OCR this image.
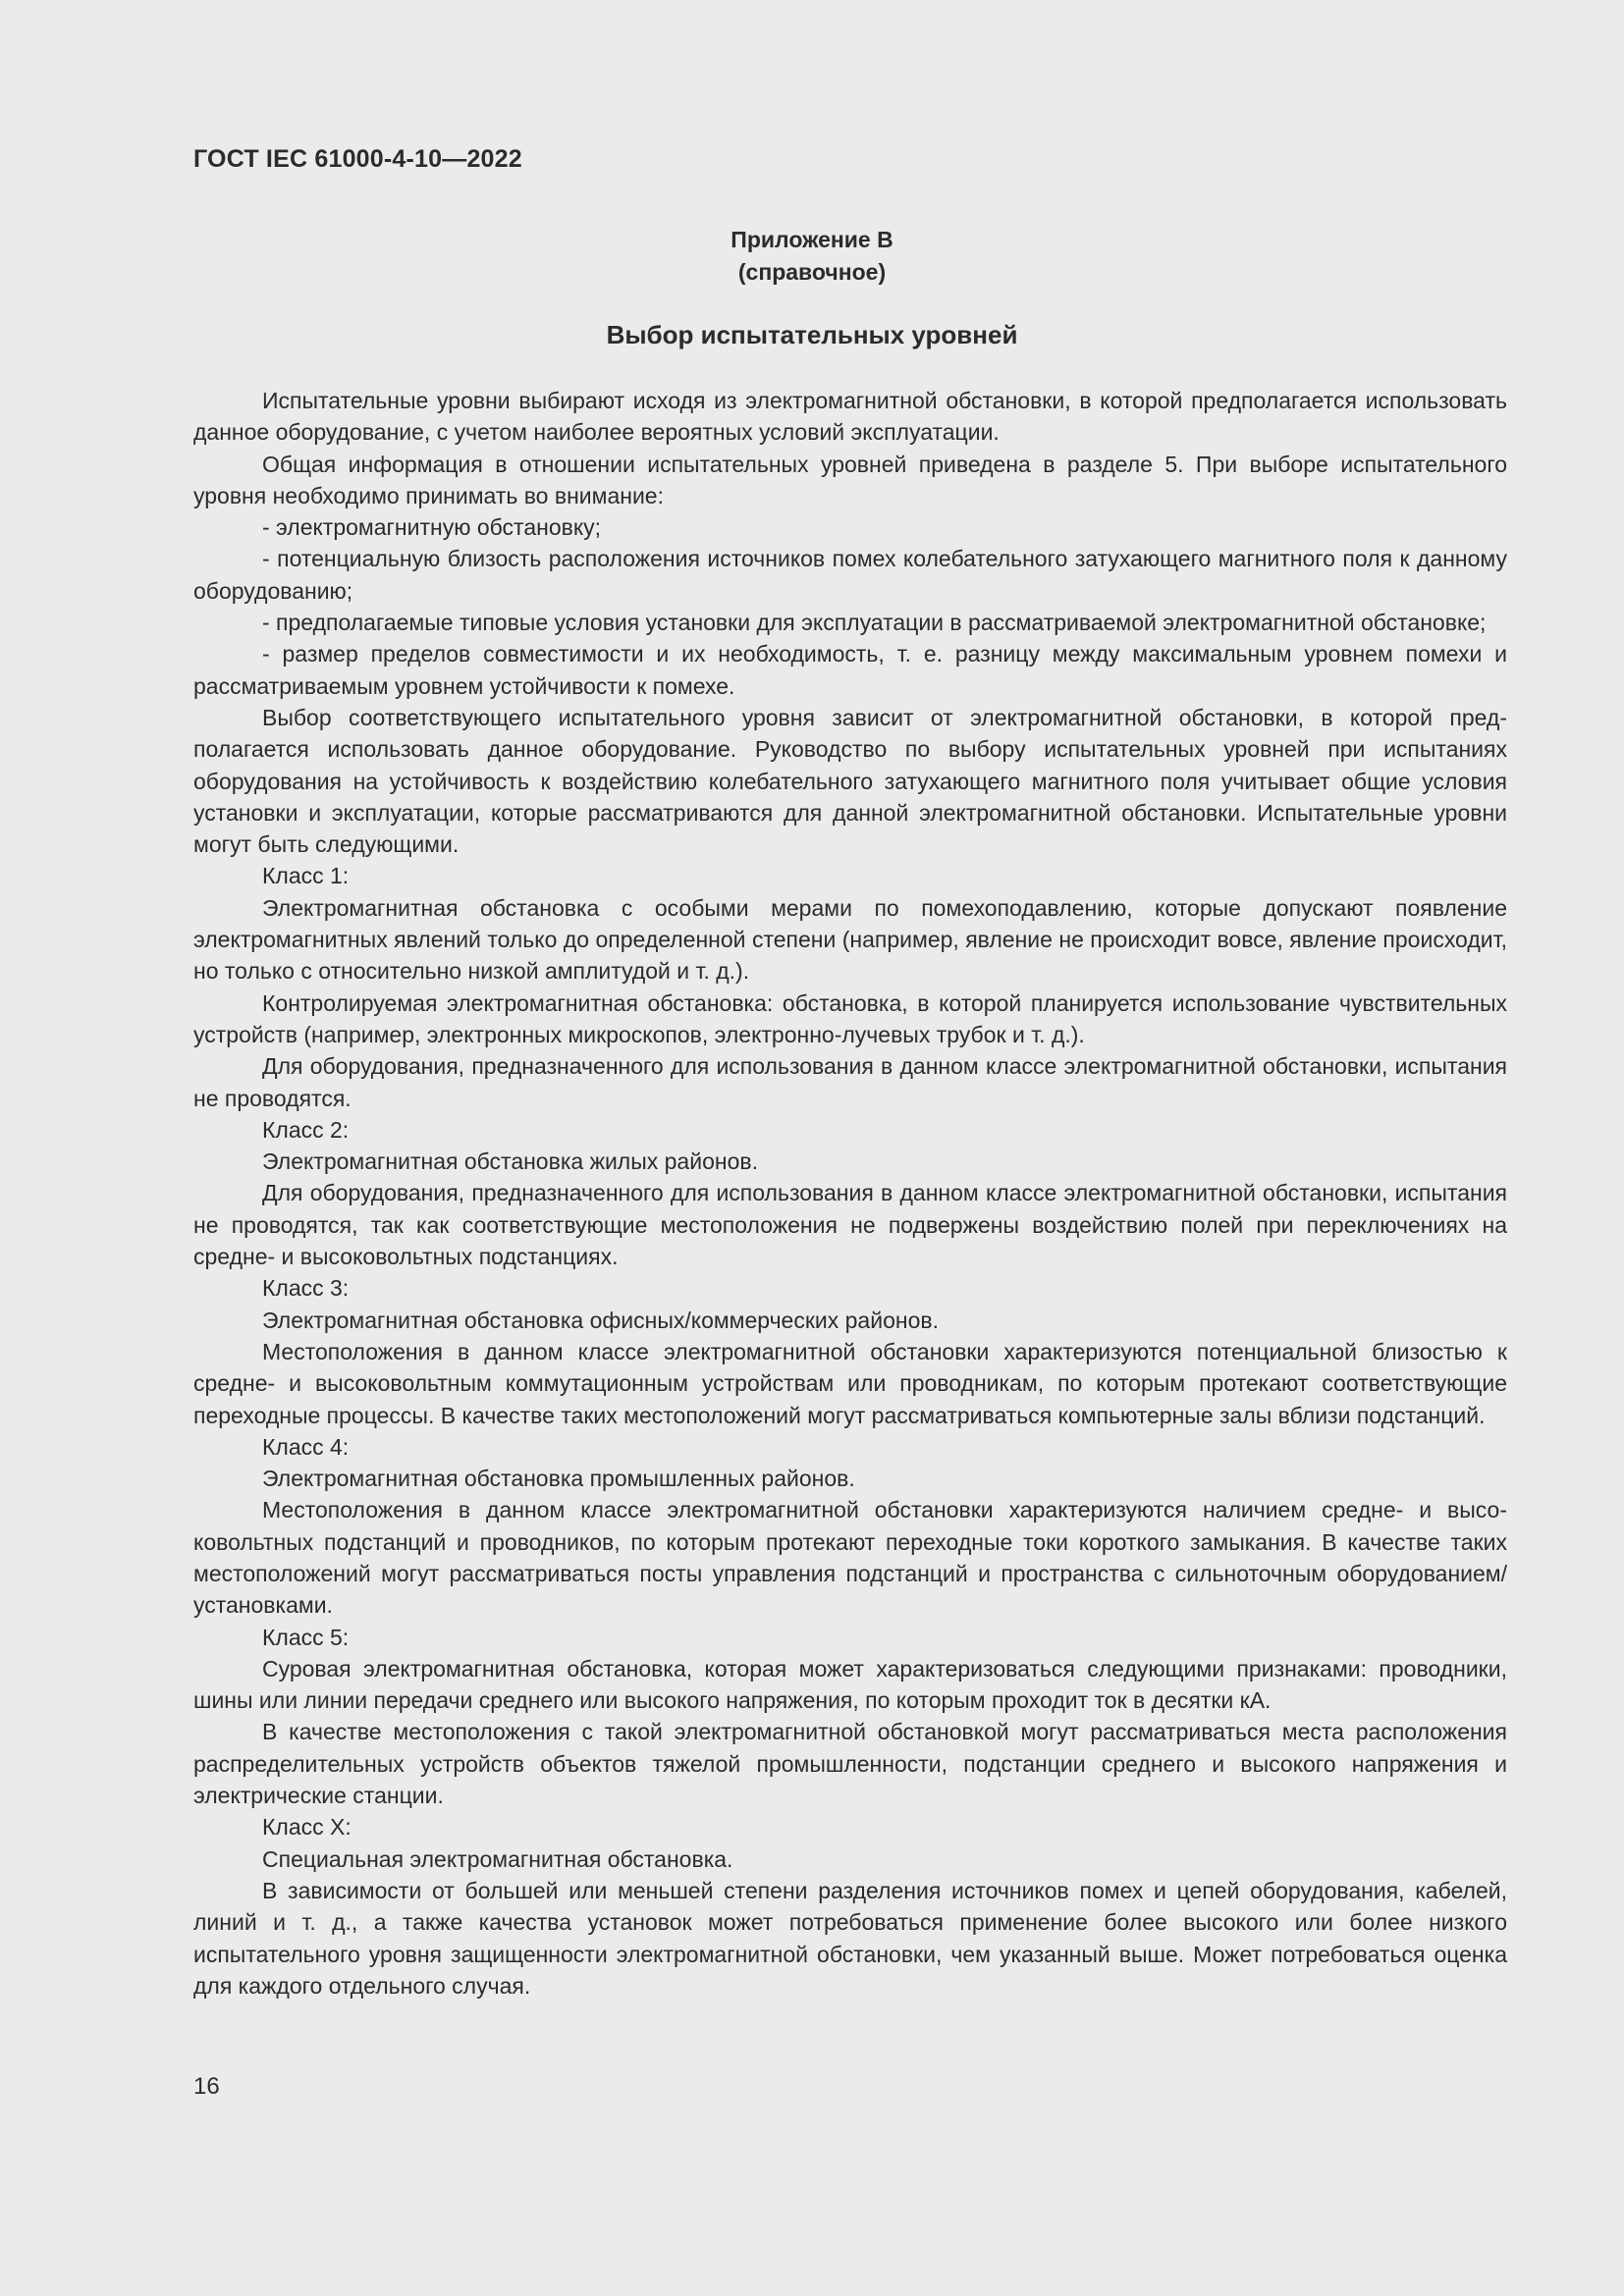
ГОСТ IEC 61000-4-10—2022
Приложение В
(справочное)
Выбор испытательных уровней

Испытательные уровни выбирают исходя из электромагнитной обстановки, в которой предполагается использовать данное оборудование, с учетом наиболее вероятных условий эксплуатации.

Общая информация в отношении испытательных уровней приведена в разделе 5. При выборе испытательного уровня необходимо принимать во внимание:

- электромагнитную обстановку;

- потенциальную близость расположения источников помех колебательного затухающего магнитного поля к данному оборудованию;

- предполагаемые типовые условия установки для эксплуатации в рассматриваемой электромагнитной обстановке;

- размер пределов совместимости и их необходимость, т. е. разницу между максимальным уровнем помехи и рассматриваемым уровнем устойчивости к помехе.

Выбор соответствующего испытательного уровня зависит от электромагнитной обстановки, в которой предполагается использовать данное оборудование. Руководство по выбору испытательных уровней при испытаниях оборудования на устойчивость к воздействию колебательного затухающего магнитного поля учитывает общие условия установки и эксплуатации, которые рассматриваются для данной электромагнитной обстановки. Испытательные уровни могут быть следующими.

Класс 1:

Электромагнитная обстановка с особыми мерами по помехоподавлению, которые допускают появление электромагнитных явлений только до определенной степени (например, явление не происходит вовсе, явление происходит, но только с относительно низкой амплитудой и т. д.).

Контролируемая электромагнитная обстановка: обстановка, в которой планируется использование чувствительных устройств (например, электронных микроскопов, электронно-лучевых трубок и т. д.).

Для оборудования, предназначенного для использования в данном классе электромагнитной обстановки, испытания не проводятся.

Класс 2:

Электромагнитная обстановка жилых районов.

Для оборудования, предназначенного для использования в данном классе электромагнитной обстановки, испытания не проводятся, так как соответствующие местоположения не подвержены воздействию полей при переключениях на средне- и высоковольтных подстанциях.

Класс 3:

Электромагнитная обстановка офисных/коммерческих районов.

Местоположения в данном классе электромагнитной обстановки характеризуются потенциальной близостью к средне- и высоковольтным коммутационным устройствам или проводникам, по которым протекают соответствующие переходные процессы. В качестве таких местоположений могут рассматриваться компьютерные залы вблизи подстанций.

Класс 4:

Электромагнитная обстановка промышленных районов.

Местоположения в данном классе электромагнитной обстановки характеризуются наличием средне- и высоковольтных подстанций и проводников, по которым протекают переходные токи короткого замыкания. В качестве таких местоположений могут рассматриваться посты управления подстанций и пространства с сильноточным оборудованием/установками.

Класс 5:

Суровая электромагнитная обстановка, которая может характеризоваться следующими признаками: проводники, шины или линии передачи среднего или высокого напряжения, по которым проходит ток в десятки кА.

В качестве местоположения с такой электромагнитной обстановкой могут рассматриваться места расположения распределительных устройств объектов тяжелой промышленности, подстанции среднего и высокого напряжения и электрические станции.

Класс X:

Специальная электромагнитная обстановка.

В зависимости от большей или меньшей степени разделения источников помех и цепей оборудования, кабелей, линий и т. д., а также качества установок может потребоваться применение более высокого или более низкого испытательного уровня защищенности электромагнитной обстановки, чем указанный выше. Может потребоваться оценка для каждого отдельного случая.

16
